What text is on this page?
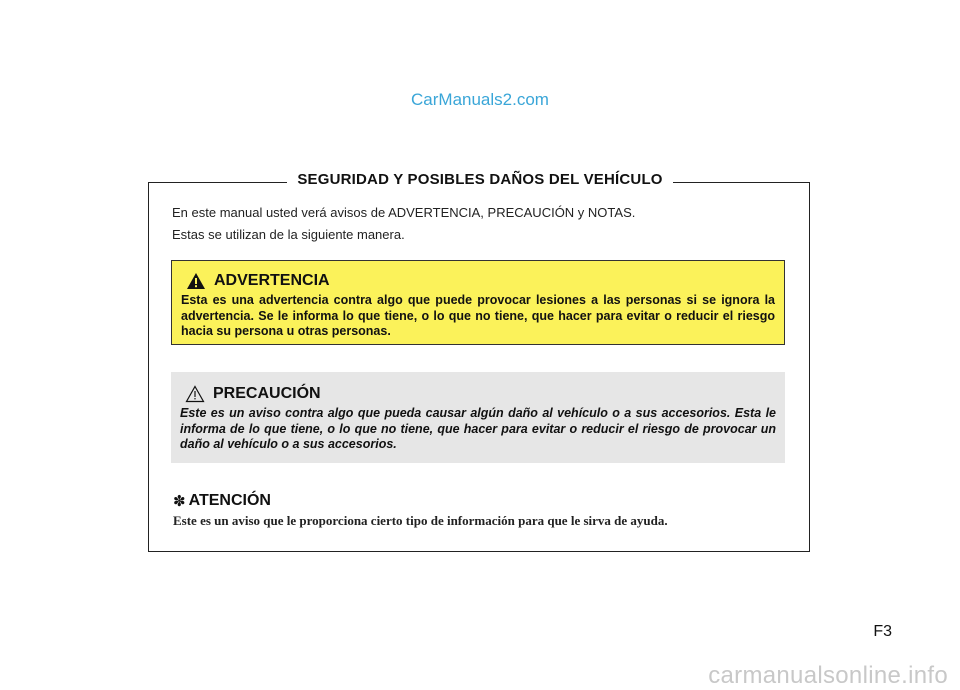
CarManuals2.com
SEGURIDAD Y POSIBLES DAÑOS DEL VEHÍCULO
En este manual usted verá avisos de ADVERTENCIA, PRECAUCIÓN y NOTAS.
Estas se utilizan de la siguiente manera.
ADVERTENCIA
Esta es una advertencia contra algo que puede provocar lesiones a las personas si se ignora la advertencia. Se le informa lo que tiene, o lo que no tiene, que hacer para evitar o reducir el riesgo hacia su persona u otras personas.
PRECAUCIÓN
Este es un aviso contra algo que pueda causar algún daño al vehículo o a sus accesorios. Esta le informa de lo que tiene, o lo que no tiene, que hacer para evitar o reducir el riesgo de provocar un daño al vehículo o a sus accesorios.
✽ ATENCIÓN
Este es un aviso que le proporciona cierto tipo de información para que le sirva de ayuda.
F3
carmanualsonline.info
